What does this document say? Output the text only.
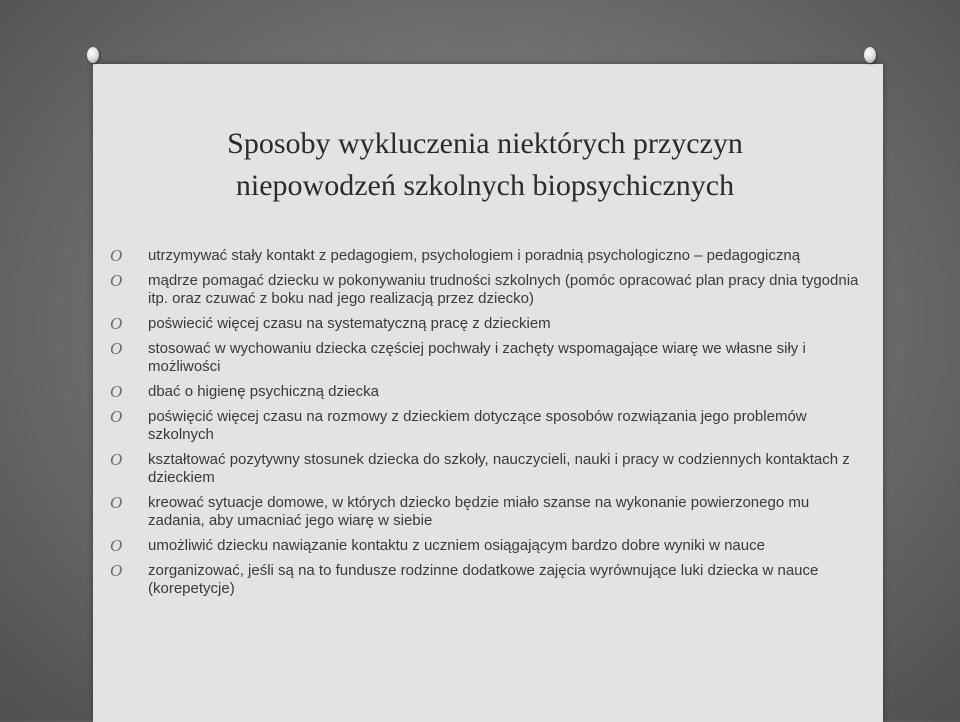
Sposoby wykluczenia niektórych przyczyn
niepowodzeń szkolnych biopsychicznych
O utrzymywać stały kontakt z pedagogiem, psychologiem i poradnią psychologiczno – pedagogiczną
O mądrze pomagać dziecku w pokonywaniu trudności szkolnych (pomóc opracować plan pracy dnia tygodnia itp. oraz czuwać z boku nad jego realizacją przez dziecko)
O poświecić więcej czasu na systematyczną pracę z dzieckiem
O stosować w wychowaniu dziecka częściej pochwały i zachęty wspomagające wiarę we własne siły i możliwości
O dbać o higienę psychiczną dziecka
O poświęcić więcej czasu na rozmowy z dzieckiem dotyczące sposobów rozwiązania jego problemów szkolnych
O kształtować pozytywny stosunek dziecka do szkoły, nauczycieli, nauki i pracy w codziennych kontaktach z dzieckiem
O kreować sytuacje domowe, w których dziecko będzie miało szanse na wykonanie powierzonego mu zadania, aby umacniać jego wiarę w siebie
O umożliwić dziecku nawiązanie kontaktu z uczniem osiągającym bardzo dobre wyniki w nauce
O zorganizować, jeśli są na to fundusze rodzinne dodatkowe zajęcia wyrównujące luki dziecka w nauce (korepetycje)
